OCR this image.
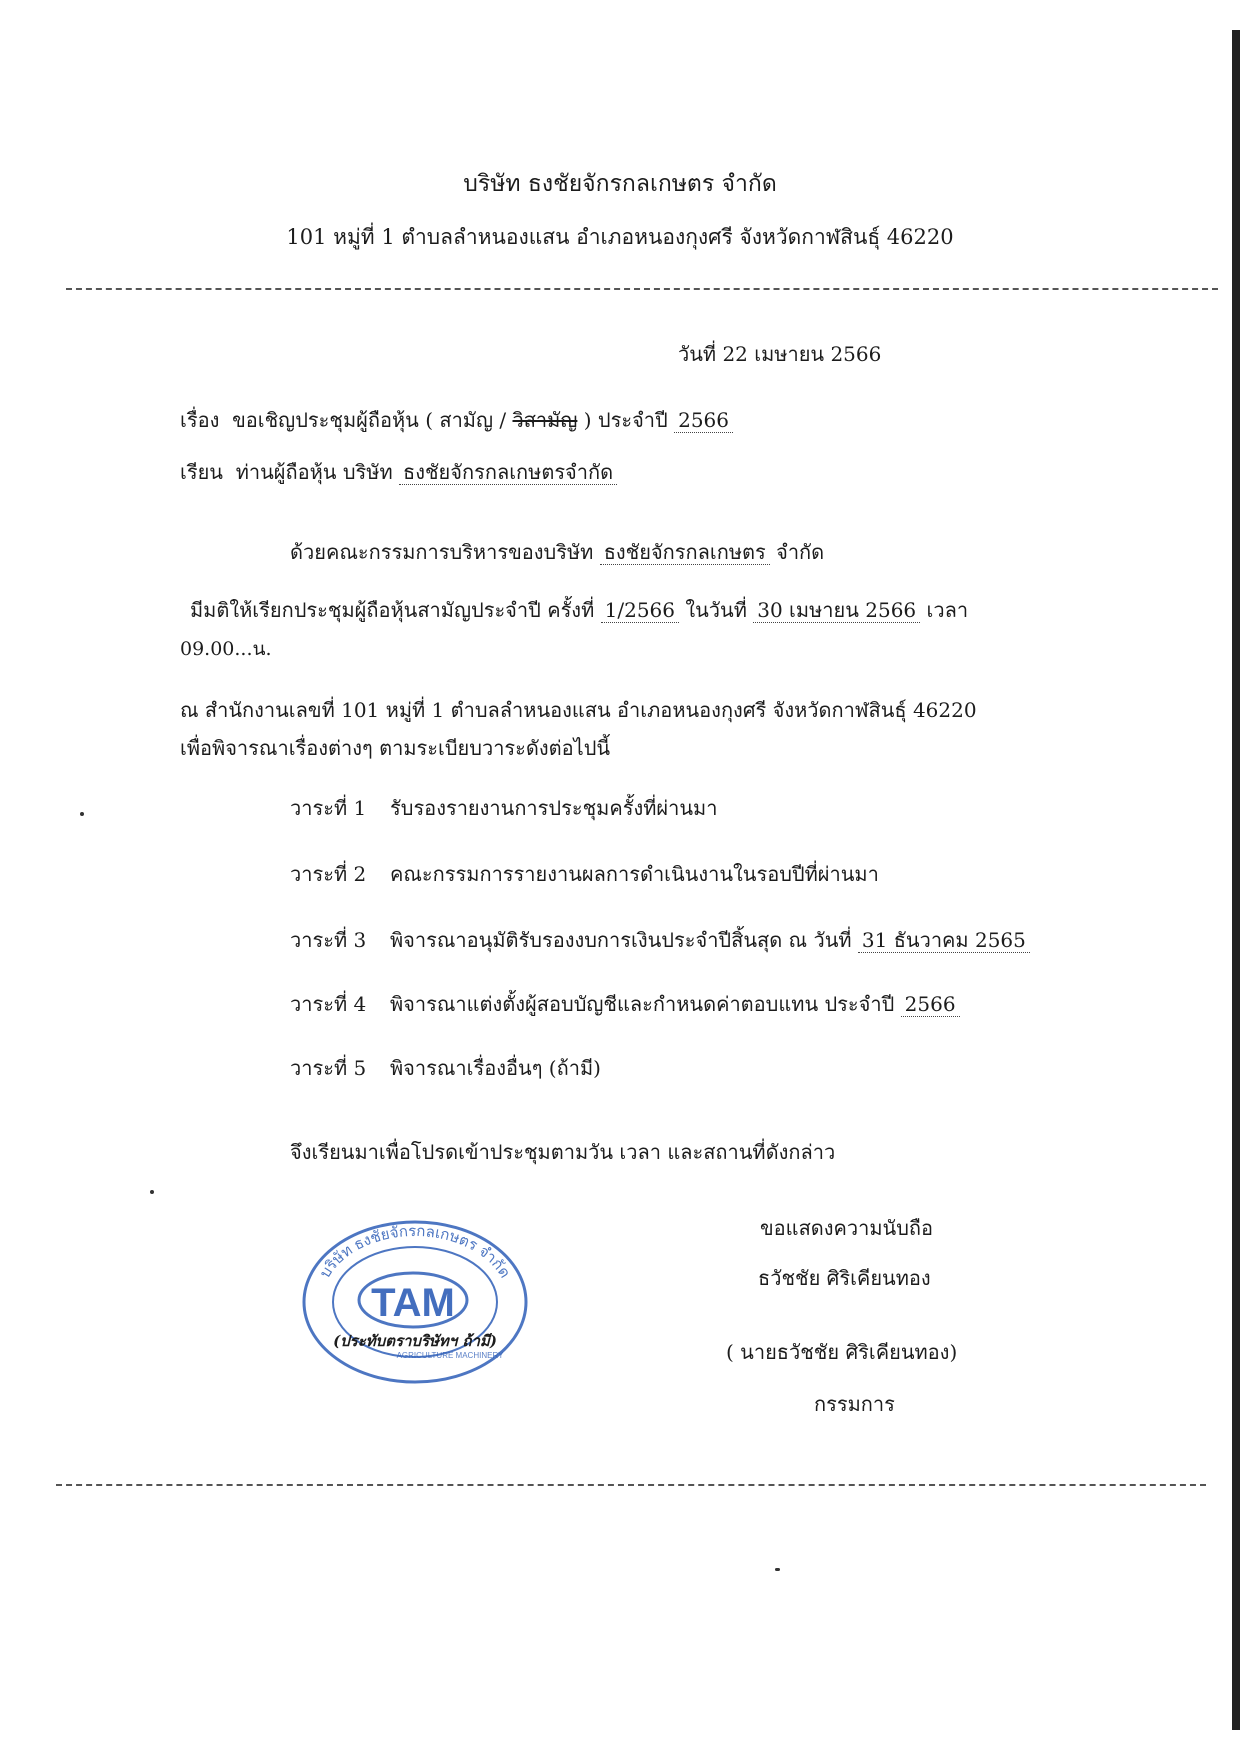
บริษัท ธงชัยจักรกลเกษตร จำกัด
101 หมู่ที่ 1 ตำบลลำหนองแสน อำเภอหนองกุงศรี จังหวัดกาฬสินธุ์ 46220
วันที่ 22 เมษายน 2566
เรื่อง ขอเชิญประชุมผู้ถือหุ้น ( สามัญ / วิสามัญ ) ประจำปี 2566
เรียน ท่านผู้ถือหุ้น บริษัท ธงชัยจักรกลเกษตรจำกัด
ด้วยคณะกรรมการบริหารของบริษัท ธงชัยจักรกลเกษตร จำกัด
มีมติให้เรียกประชุมผู้ถือหุ้นสามัญประจำปี ครั้งที่ 1/2566 ในวันที่ 30 เมษายน 2566 เวลา
09.00...น.
ณ สำนักงานเลขที่ 101 หมู่ที่ 1 ตำบลลำหนองแสน อำเภอหนองกุงศรี จังหวัดกาฬสินธุ์ 46220
เพื่อพิจารณาเรื่องต่างๆ ตามระเบียบวาระดังต่อไปนี้
วาระที่ 1 รับรองรายงานการประชุมครั้งที่ผ่านมา
วาระที่ 2 คณะกรรมการรายงานผลการดำเนินงานในรอบปีที่ผ่านมา
วาระที่ 3 พิจารณาอนุมัติรับรองงบการเงินประจำปีสิ้นสุด ณ วันที่ 31 ธันวาคม 2565
วาระที่ 4 พิจารณาแต่งตั้งผู้สอบบัญชีและกำหนดค่าตอบแทน ประจำปี 2566
วาระที่ 5 พิจารณาเรื่องอื่นๆ (ถ้ามี)
จึงเรียนมาเพื่อโปรดเข้าประชุมตามวัน เวลา และสถานที่ดังกล่าว
ขอแสดงความนับถือ
ธวัชชัย ศิริเคียนทอง
( นายธวัชชัย ศิริเคียนทอง)
กรรมการ
บริษัท ธงชัยจักรกลเกษตร จำกัด
TAM
AGRICULTURE MACHINERY
(ประทับตราบริษัทฯ ถ้ามี)
